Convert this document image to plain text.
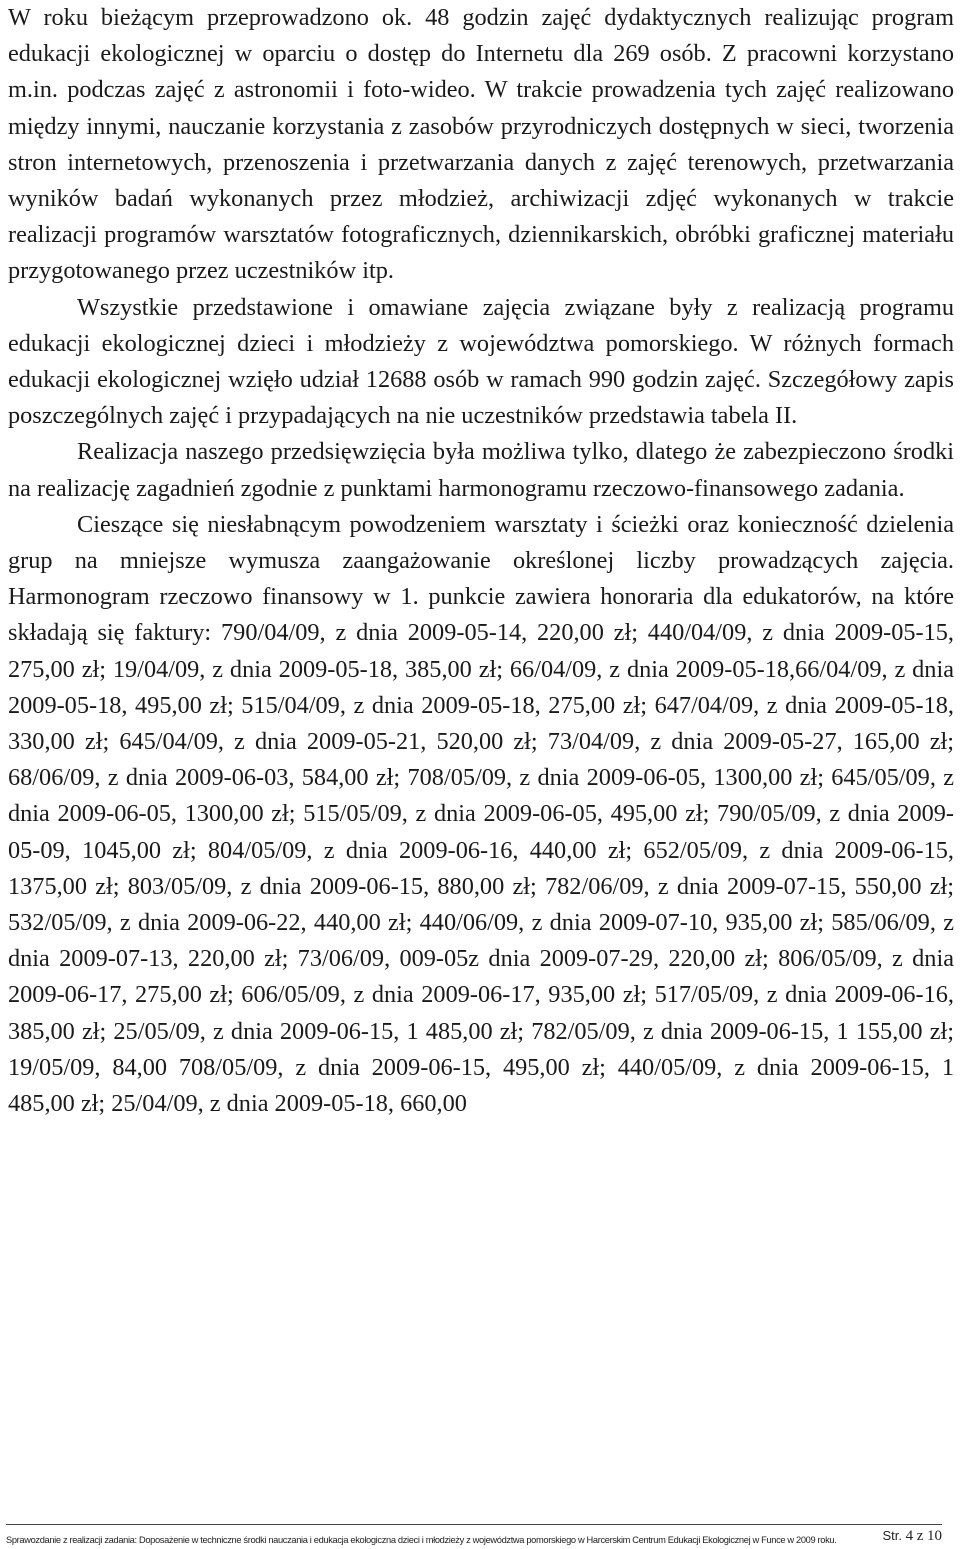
W roku bieżącym przeprowadzono ok. 48 godzin zajęć dydaktycznych realizując program edukacji ekologicznej w oparciu o dostęp do Internetu dla 269 osób. Z pracowni korzystano m.in. podczas zajęć z astronomii i foto-wideo. W trakcie prowadzenia tych zajęć realizowano między innymi, nauczanie korzystania z zasobów przyrodniczych dostępnych w sieci, tworzenia stron internetowych, przenoszenia i przetwarzania danych z zajęć terenowych, przetwarzania wyników badań wykonanych przez młodzież, archiwizacji zdjęć wykonanych w trakcie realizacji programów warsztatów fotograficznych, dziennikarskich, obróbki graficznej materiału przygotowanego przez uczestników itp.

Wszystkie przedstawione i omawiane zajęcia związane były z realizacją programu edukacji ekologicznej dzieci i młodzieży z województwa pomorskiego. W różnych formach edukacji ekologicznej wzięło udział 12688 osób w ramach 990 godzin zajęć. Szczegółowy zapis poszczególnych zajęć i przypadających na nie uczestników przedstawia tabela II.

Realizacja naszego przedsięwzięcia była możliwa tylko, dlatego że zabezpieczono środki na realizację zagadnień zgodnie z punktami harmonogramu rzeczowo-finansowego zadania.

Cieszące się niesłabnącym powodzeniem warsztaty i ścieżki oraz konieczność dzielenia grup na mniejsze wymusza zaangażowanie określonej liczby prowadzących zajęcia. Harmonogram rzeczowo finansowy w 1. punkcie zawiera honoraria dla edukatorów, na które składają się faktury: 790/04/09, z dnia 2009-05-14, 220,00 zł; 440/04/09, z dnia 2009-05-15, 275,00 zł; 19/04/09, z dnia 2009-05-18, 385,00 zł; 66/04/09, z dnia 2009-05-18,66/04/09, z dnia 2009-05-18, 495,00 zł; 515/04/09, z dnia 2009-05-18, 275,00 zł; 647/04/09, z dnia 2009-05-18, 330,00 zł; 645/04/09, z dnia 2009-05-21, 520,00 zł; 73/04/09, z dnia 2009-05-27, 165,00 zł; 68/06/09, z dnia 2009-06-03, 584,00 zł; 708/05/09, z dnia 2009-06-05, 1300,00 zł; 645/05/09, z dnia 2009-06-05, 1300,00 zł; 515/05/09, z dnia 2009-06-05, 495,00 zł; 790/05/09, z dnia 2009-05-09, 1045,00 zł; 804/05/09, z dnia 2009-06-16, 440,00 zł; 652/05/09, z dnia 2009-06-15, 1375,00 zł; 803/05/09, z dnia 2009-06-15, 880,00 zł; 782/06/09, z dnia 2009-07-15, 550,00 zł; 532/05/09, z dnia 2009-06-22, 440,00 zł; 440/06/09, z dnia 2009-07-10, 935,00 zł; 585/06/09, z dnia 2009-07-13, 220,00 zł; 73/06/09, 009-05z dnia 2009-07-29, 220,00 zł; 806/05/09, z dnia 2009-06-17, 275,00 zł; 606/05/09, z dnia 2009-06-17, 935,00 zł; 517/05/09, z dnia 2009-06-16, 385,00 zł; 25/05/09, z dnia 2009-06-15, 1 485,00 zł; 782/05/09, z dnia 2009-06-15, 1 155,00 zł; 19/05/09, 84,00 708/05/09, z dnia 2009-06-15, 495,00 zł; 440/05/09, z dnia 2009-06-15, 1 485,00 zł; 25/04/09, z dnia 2009-05-18, 660,00

Sprawozdanie z realizacji zadania: Doposażenie w techniczne środki nauczania i edukacja ekologiczna dzieci i młodzieży z województwa pomorskiego w Harcerskim Centrum Edukacji Ekologicznej w Funce w 2009 roku.	Str. 4 z 10
